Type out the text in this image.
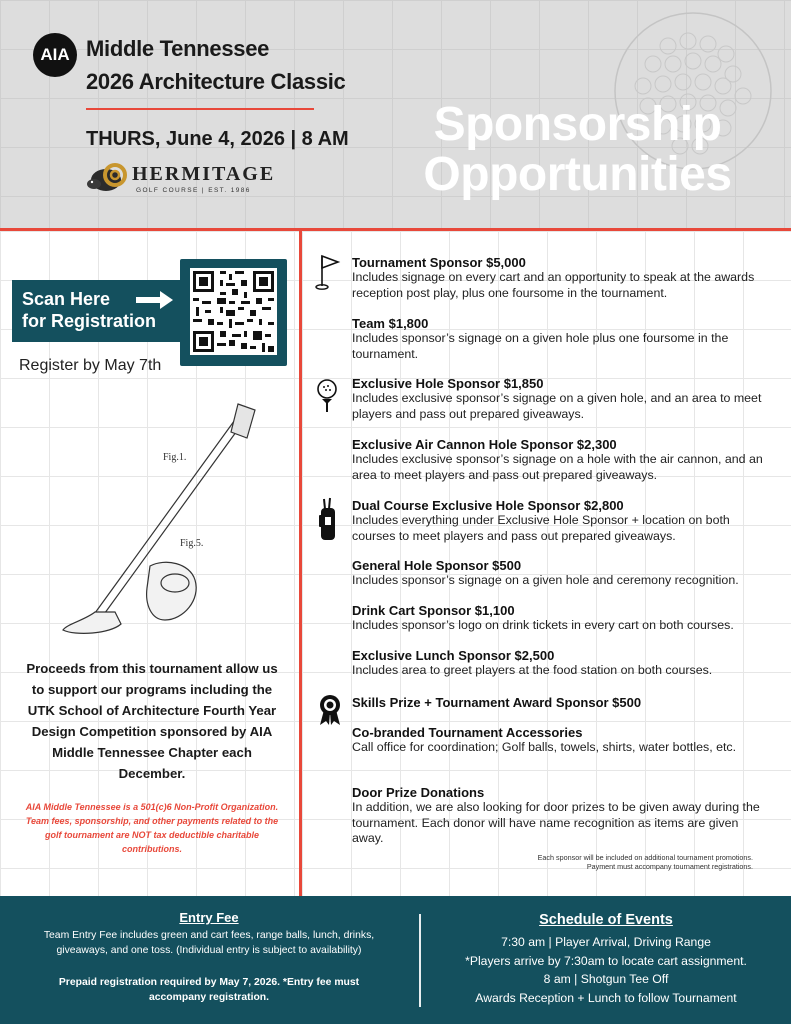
AIA Middle Tennessee
2026 Architecture Classic
THURS, June 4, 2026 | 8 AM
HERMITAGE
GOLF COURSE | EST. 1986
Sponsorship
Opportunities
Scan Here
for Registration
Register by May 7th
Fig.1.
Fig.5.
Proceeds from this tournament allow us to support our programs including the UTK School of Architecture Fourth Year Design Competition sponsored by AIA Middle Tennessee Chapter each December.
AIA Middle Tennessee is a 501(c)6 Non-Profit Organization. Team fees, sponsorship, and other payments related to the golf tournament are NOT tax deductible charitable contributions.
Tournament Sponsor $5,000
Includes signage on every cart and an opportunity to speak at the awards reception post play, plus one foursome in the tournament.
Team $1,800
Includes sponsor’s signage on a given hole plus one foursome in the tournament.
Exclusive Hole Sponsor $1,850
Includes exclusive sponsor’s signage on a given hole, and an area to meet players and pass out prepared giveaways.
Exclusive Air Cannon Hole Sponsor $2,300
Includes exclusive sponsor’s signage on a hole with the air cannon, and an area to meet players and pass out prepared giveaways.
Dual Course Exclusive Hole Sponsor $2,800
Includes everything under Exclusive Hole Sponsor + location on both courses to meet players and pass out prepared giveaways.
General Hole Sponsor $500
Includes sponsor’s signage on a given hole and ceremony recognition.
Drink Cart Sponsor $1,100
Includes sponsor’s logo on drink tickets in every cart on both courses.
Exclusive Lunch Sponsor $2,500
Includes area to greet players at the food station on both courses.
Skills Prize + Tournament Award Sponsor $500
Co-branded Tournament Accessories
Call office for coordination; Golf balls, towels, shirts, water bottles, etc.
Door Prize Donations
In addition, we are also looking for door prizes to be given away during the tournament. Each donor will have name recognition as items are given away.
Each sponsor will be included on additional tournament promotions.
Payment must accompany tournament registrations.
Entry Fee
Team Entry Fee includes green and cart fees, range balls, lunch, drinks, giveaways, and one toss. (Individual entry is subject to availability)
Prepaid registration required by May 7, 2026. *Entry fee must accompany registration.
Schedule of Events
7:30 am | Player Arrival, Driving Range
*Players arrive by 7:30am to locate cart assignment.
8 am | Shotgun Tee Off
Awards Reception + Lunch to follow Tournament
